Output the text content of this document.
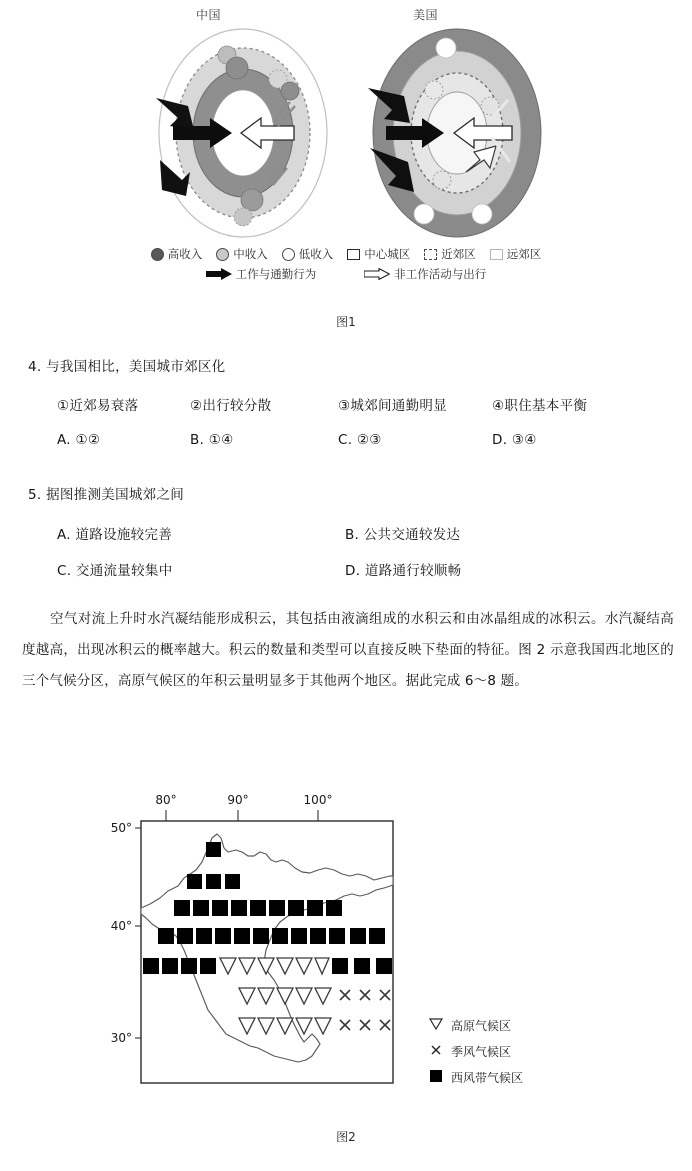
中国	美国
高收入	中收入	低收入	中心城区	近郊区	远郊区
工作与通勤行为	非工作活动与出行
图1
4. 与我国相比，美国城市郊区化
①近郊易衰落	②出行较分散	③城郊间通勤明显	④职住基本平衡
A. ①②	B. ①④	C. ②③	D. ③④
5. 据图推测美国城郊之间
A. 道路设施较完善	B. 公共交通较发达
C. 交通流量较集中	D. 道路通行较顺畅
空气对流上升时水汽凝结能形成积云，其包括由液滴组成的水积云和由冰晶组成的冰积云。水汽凝结高度越高，出现冰积云的概率越大。积云的数量和类型可以直接反映下垫面的特征。图 2 示意我国西北地区的三个气候分区，高原气候区的年积云量明显多于其他两个地区。据此完成 6～8 题。
80°	90°	100°
50°
40°
30°
高原气候区
季风气候区
西风带气候区
图2
